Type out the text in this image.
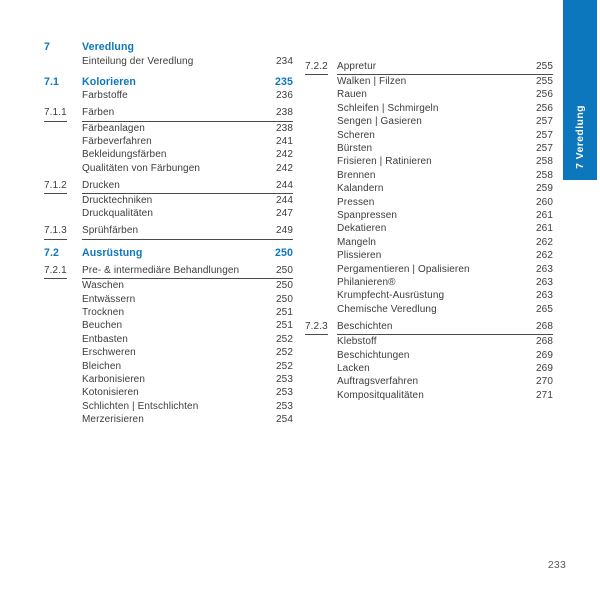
7	Veredlung
Einteilung der Veredlung	234
7.1	Kolorieren	235
Farbstoffe	236
7.1.1	Färben	238
Färbeanlagen	238
Färbeverfahren	241
Bekleidungsfärben	242
Qualitäten von Färbungen	242
7.1.2	Drucken	244
Drucktechniken	244
Druckqualitäten	247
7.1.3	Sprühfärben	249
7.2	Ausrüstung	250
7.2.1	Pre- & intermediäre Behandlungen	250
Waschen	250
Entwässern	250
Trocknen	251
Beuchen	251
Entbasten	252
Erschweren	252
Bleichen	252
Karbonisieren	253
Kotonisieren	253
Schlichten | Entschlichten	253
Merzerisieren	254
7.2.2 Appretur	255
Walken | Filzen	255
Rauen	256
Schleifen | Schmirgeln	256
Sengen | Gasieren	257
Scheren	257
Bürsten	257
Frisieren | Ratinieren	258
Brennen	258
Kalandern	259
Pressen	260
Spanpressen	261
Dekatieren	261
Mangeln	262
Plissieren	262
Pergamentieren | Opalisieren	263
Philanieren®	263
Krumpfecht-Ausrüstung	263
Chemische Veredlung	265
7.2.3 Beschichten	268
Klebstoff	268
Beschichtungen	269
Lacken	269
Auftragsverfahren	270
Kompositqualitäten	271
7 Veredlung
233
